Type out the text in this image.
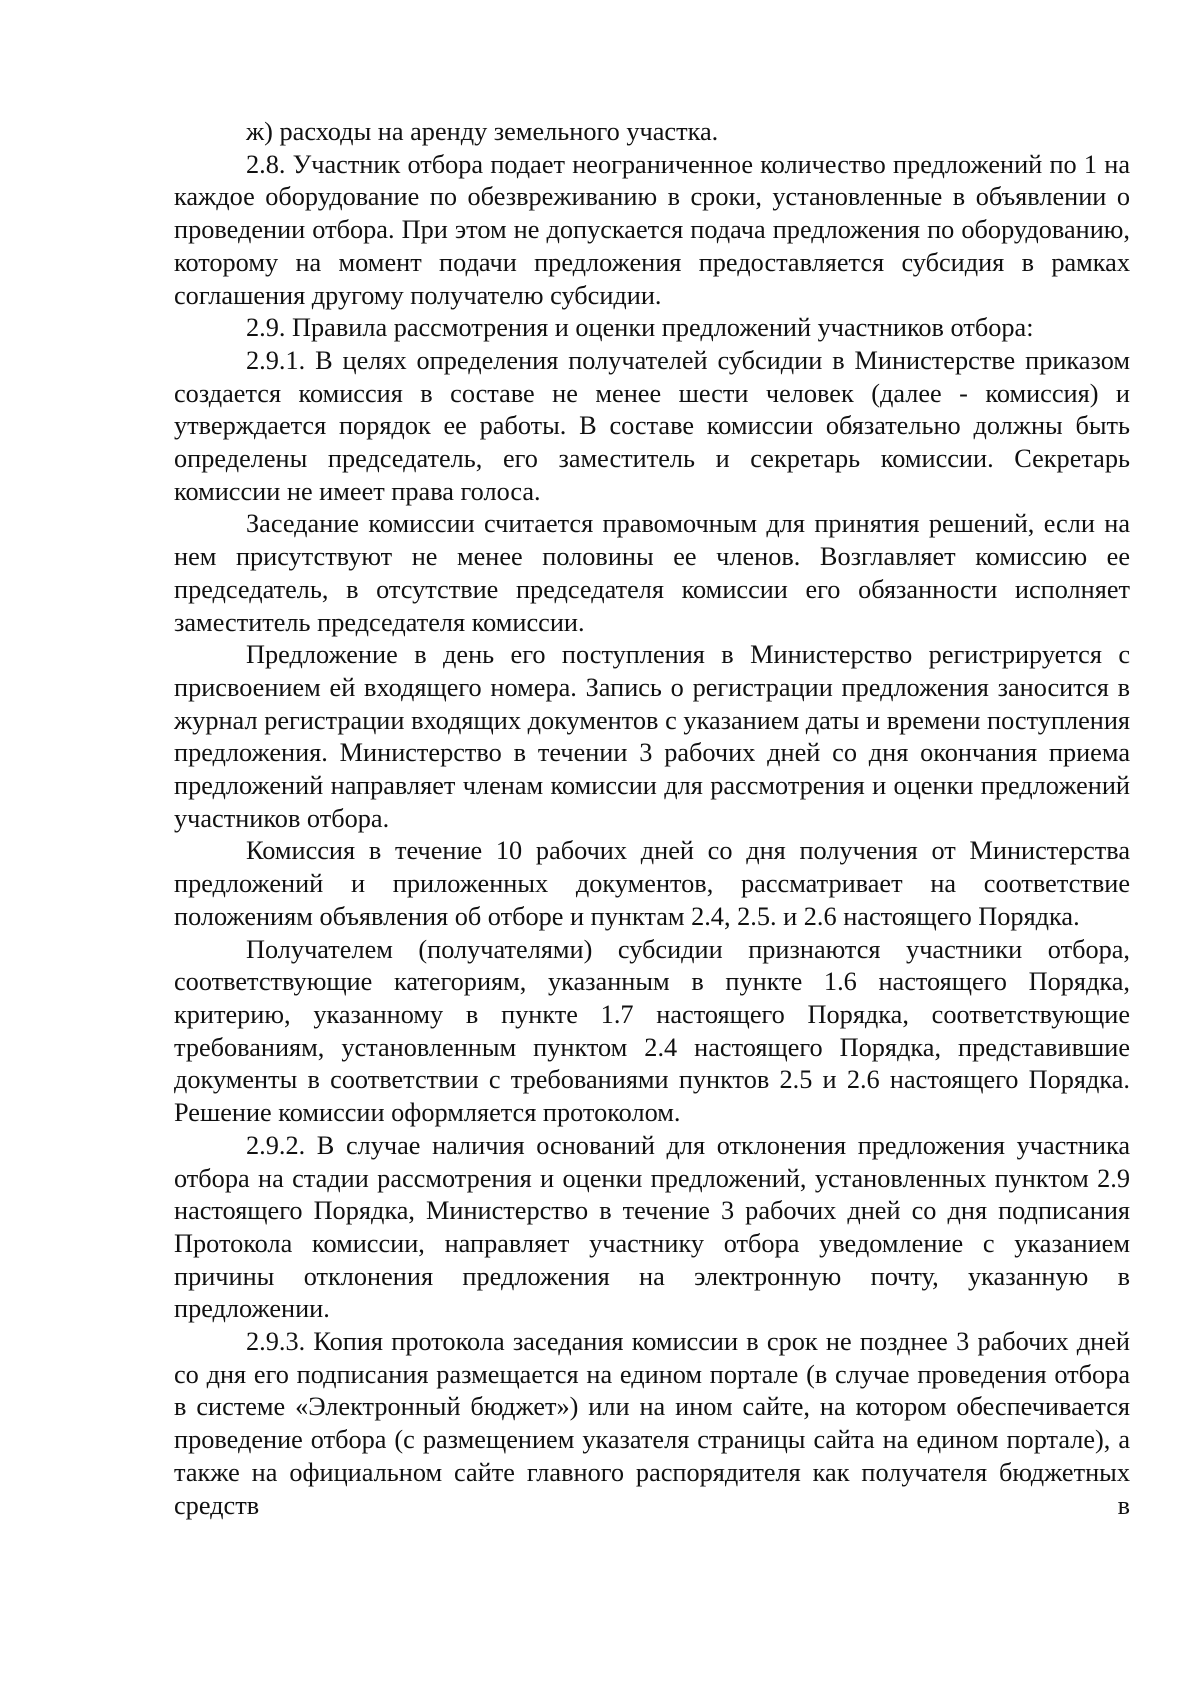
ж) расходы на аренду земельного участка.

2.8. Участник отбора подает неограниченное количество предложений по 1 на каждое оборудование по обезвреживанию в сроки, установленные в объявлении о проведении отбора. При этом не допускается подача предложения по оборудованию, которому на момент подачи предложения предоставляется субсидия в рамках соглашения другому получателю субсидии.

2.9. Правила рассмотрения и оценки предложений участников отбора:

2.9.1. В целях определения получателей субсидии в Министерстве приказом создается комиссия в составе не менее шести человек (далее - комиссия) и утверждается порядок ее работы. В составе комиссии обязательно должны быть определены председатель, его заместитель и секретарь комиссии. Секретарь комиссии не имеет права голоса.

Заседание комиссии считается правомочным для принятия решений, если на нем присутствуют не менее половины ее членов. Возглавляет комиссию ее председатель, в отсутствие председателя комиссии его обязанности исполняет заместитель председателя комиссии.

Предложение в день его поступления в Министерство регистрируется с присвоением ей входящего номера. Запись о регистрации предложения заносится в журнал регистрации входящих документов с указанием даты и времени поступления предложения. Министерство в течении 3 рабочих дней со дня окончания приема предложений направляет членам комиссии для рассмотрения и оценки предложений участников отбора.

Комиссия в течение 10 рабочих дней со дня получения от Министерства предложений и приложенных документов, рассматривает на соответствие положениям объявления об отборе и пунктам 2.4, 2.5. и 2.6 настоящего Порядка.

Получателем (получателями) субсидии признаются участники отбора, соответствующие категориям, указанным в пункте 1.6 настоящего Порядка, критерию, указанному в пункте 1.7 настоящего Порядка, соответствующие требованиям, установленным пунктом 2.4 настоящего Порядка, представившие документы в соответствии с требованиями пунктов 2.5 и 2.6 настоящего Порядка. Решение комиссии оформляется протоколом.

2.9.2. В случае наличия оснований для отклонения предложения участника отбора на стадии рассмотрения и оценки предложений, установленных пунктом 2.9 настоящего Порядка, Министерство в течение 3 рабочих дней со дня подписания Протокола комиссии, направляет участнику отбора уведомление с указанием причины отклонения предложения на электронную почту, указанную в предложении.

2.9.3. Копия протокола заседания комиссии в срок не позднее 3 рабочих дней со дня его подписания размещается на едином портале (в случае проведения отбора в системе «Электронный бюджет») или на ином сайте, на котором обеспечивается проведение отбора (с размещением указателя страницы сайта на едином портале), а также на официальном сайте главного распорядителя как получателя бюджетных средств в
